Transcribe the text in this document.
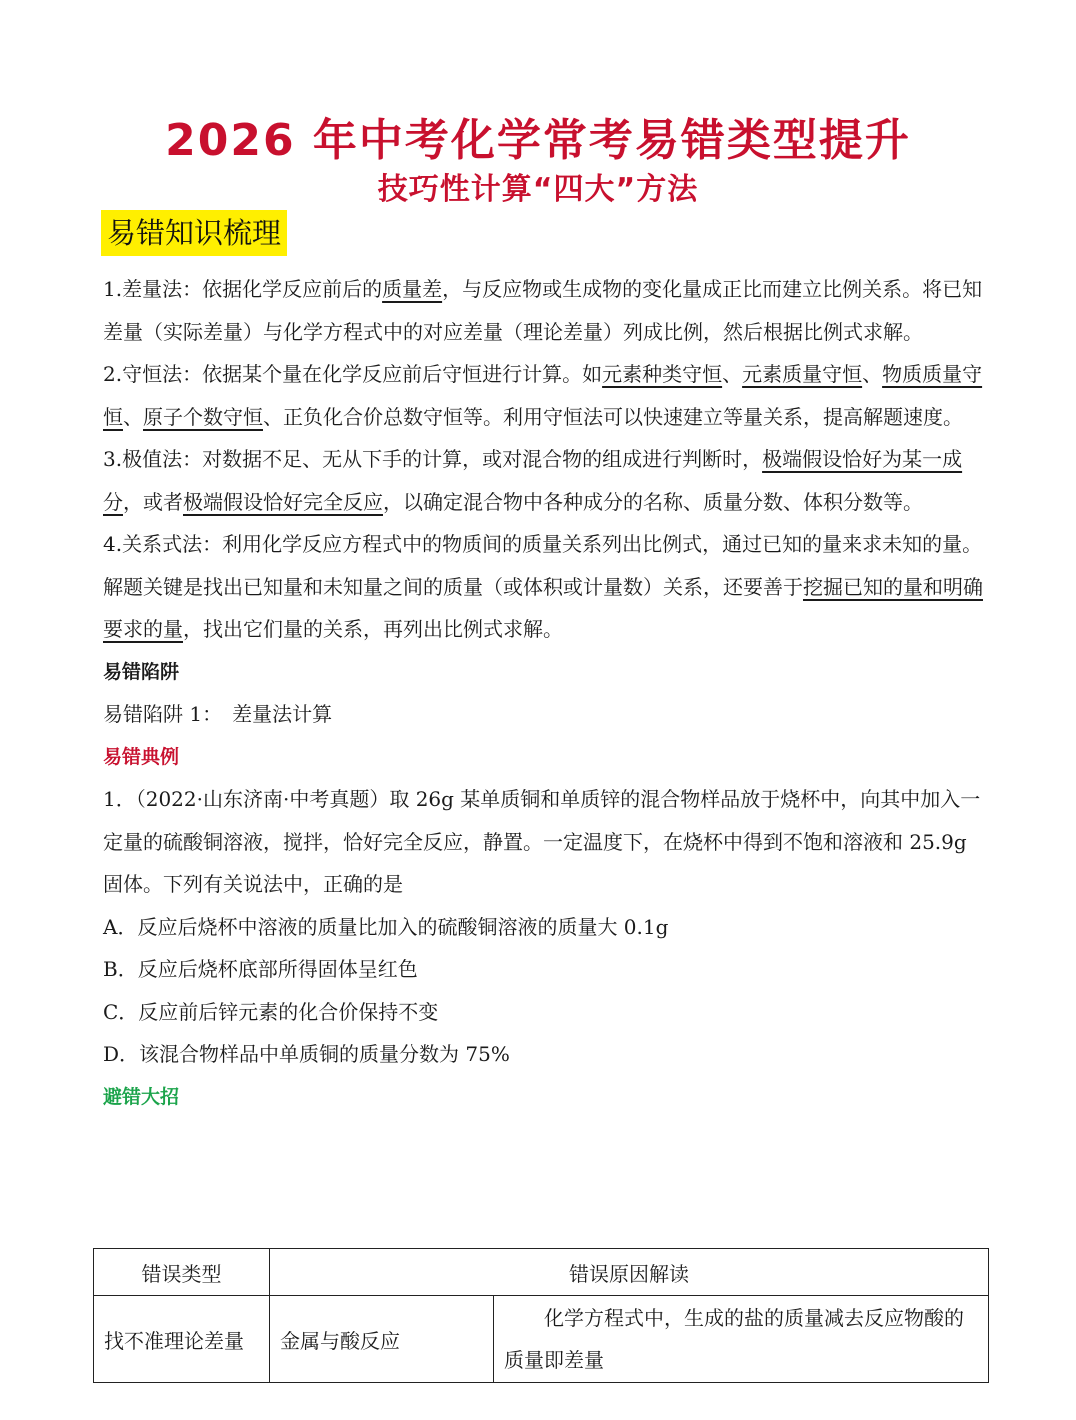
2026 年中考化学常考易错类型提升
技巧性计算“四大”方法
易错知识梳理

1.差量法：依据化学反应前后的质量差，与反应物或生成物的变化量成正比而建立比例关系。将已知差量（实际差量）与化学方程式中的对应差量（理论差量）列成比例，然后根据比例式求解。

2.守恒法：依据某个量在化学反应前后守恒进行计算。如元素种类守恒、元素质量守恒、物质质量守恒、原子个数守恒、正负化合价总数守恒等。利用守恒法可以快速建立等量关系，提高解题速度。

3.极值法：对数据不足、无从下手的计算，或对混合物的组成进行判断时，极端假设恰好为某一成分，或者极端假设恰好完全反应，以确定混合物中各种成分的名称、质量分数、体积分数等。

4.关系式法：利用化学反应方程式中的物质间的质量关系列出比例式，通过已知的量来求未知的量。解题关键是找出已知量和未知量之间的质量（或体积或计量数）关系，还要善于挖掘已知的量和明确要求的量，找出它们量的关系，再列出比例式求解。

易错陷阱

易错陷阱 1：　差量法计算

易错典例

1．（2022·山东济南·中考真题）取 26g 某单质铜和单质锌的混合物样品放于烧杯中，向其中加入一定量的硫酸铜溶液，搅拌，恰好完全反应，静置。一定温度下，在烧杯中得到不饱和溶液和 25.9g 固体。下列有关说法中，正确的是

A．反应后烧杯中溶液的质量比加入的硫酸铜溶液的质量大 0.1g

B．反应后烧杯底部所得固体呈红色

C．反应前后锌元素的化合价保持不变

D．该混合物样品中单质铜的质量分数为 75%

避错大招

错误类型	错误原因解读	
找不准理论差量	金属与酸反应	化学方程式中，生成的盐的质量减去反应物酸的质量即差量
